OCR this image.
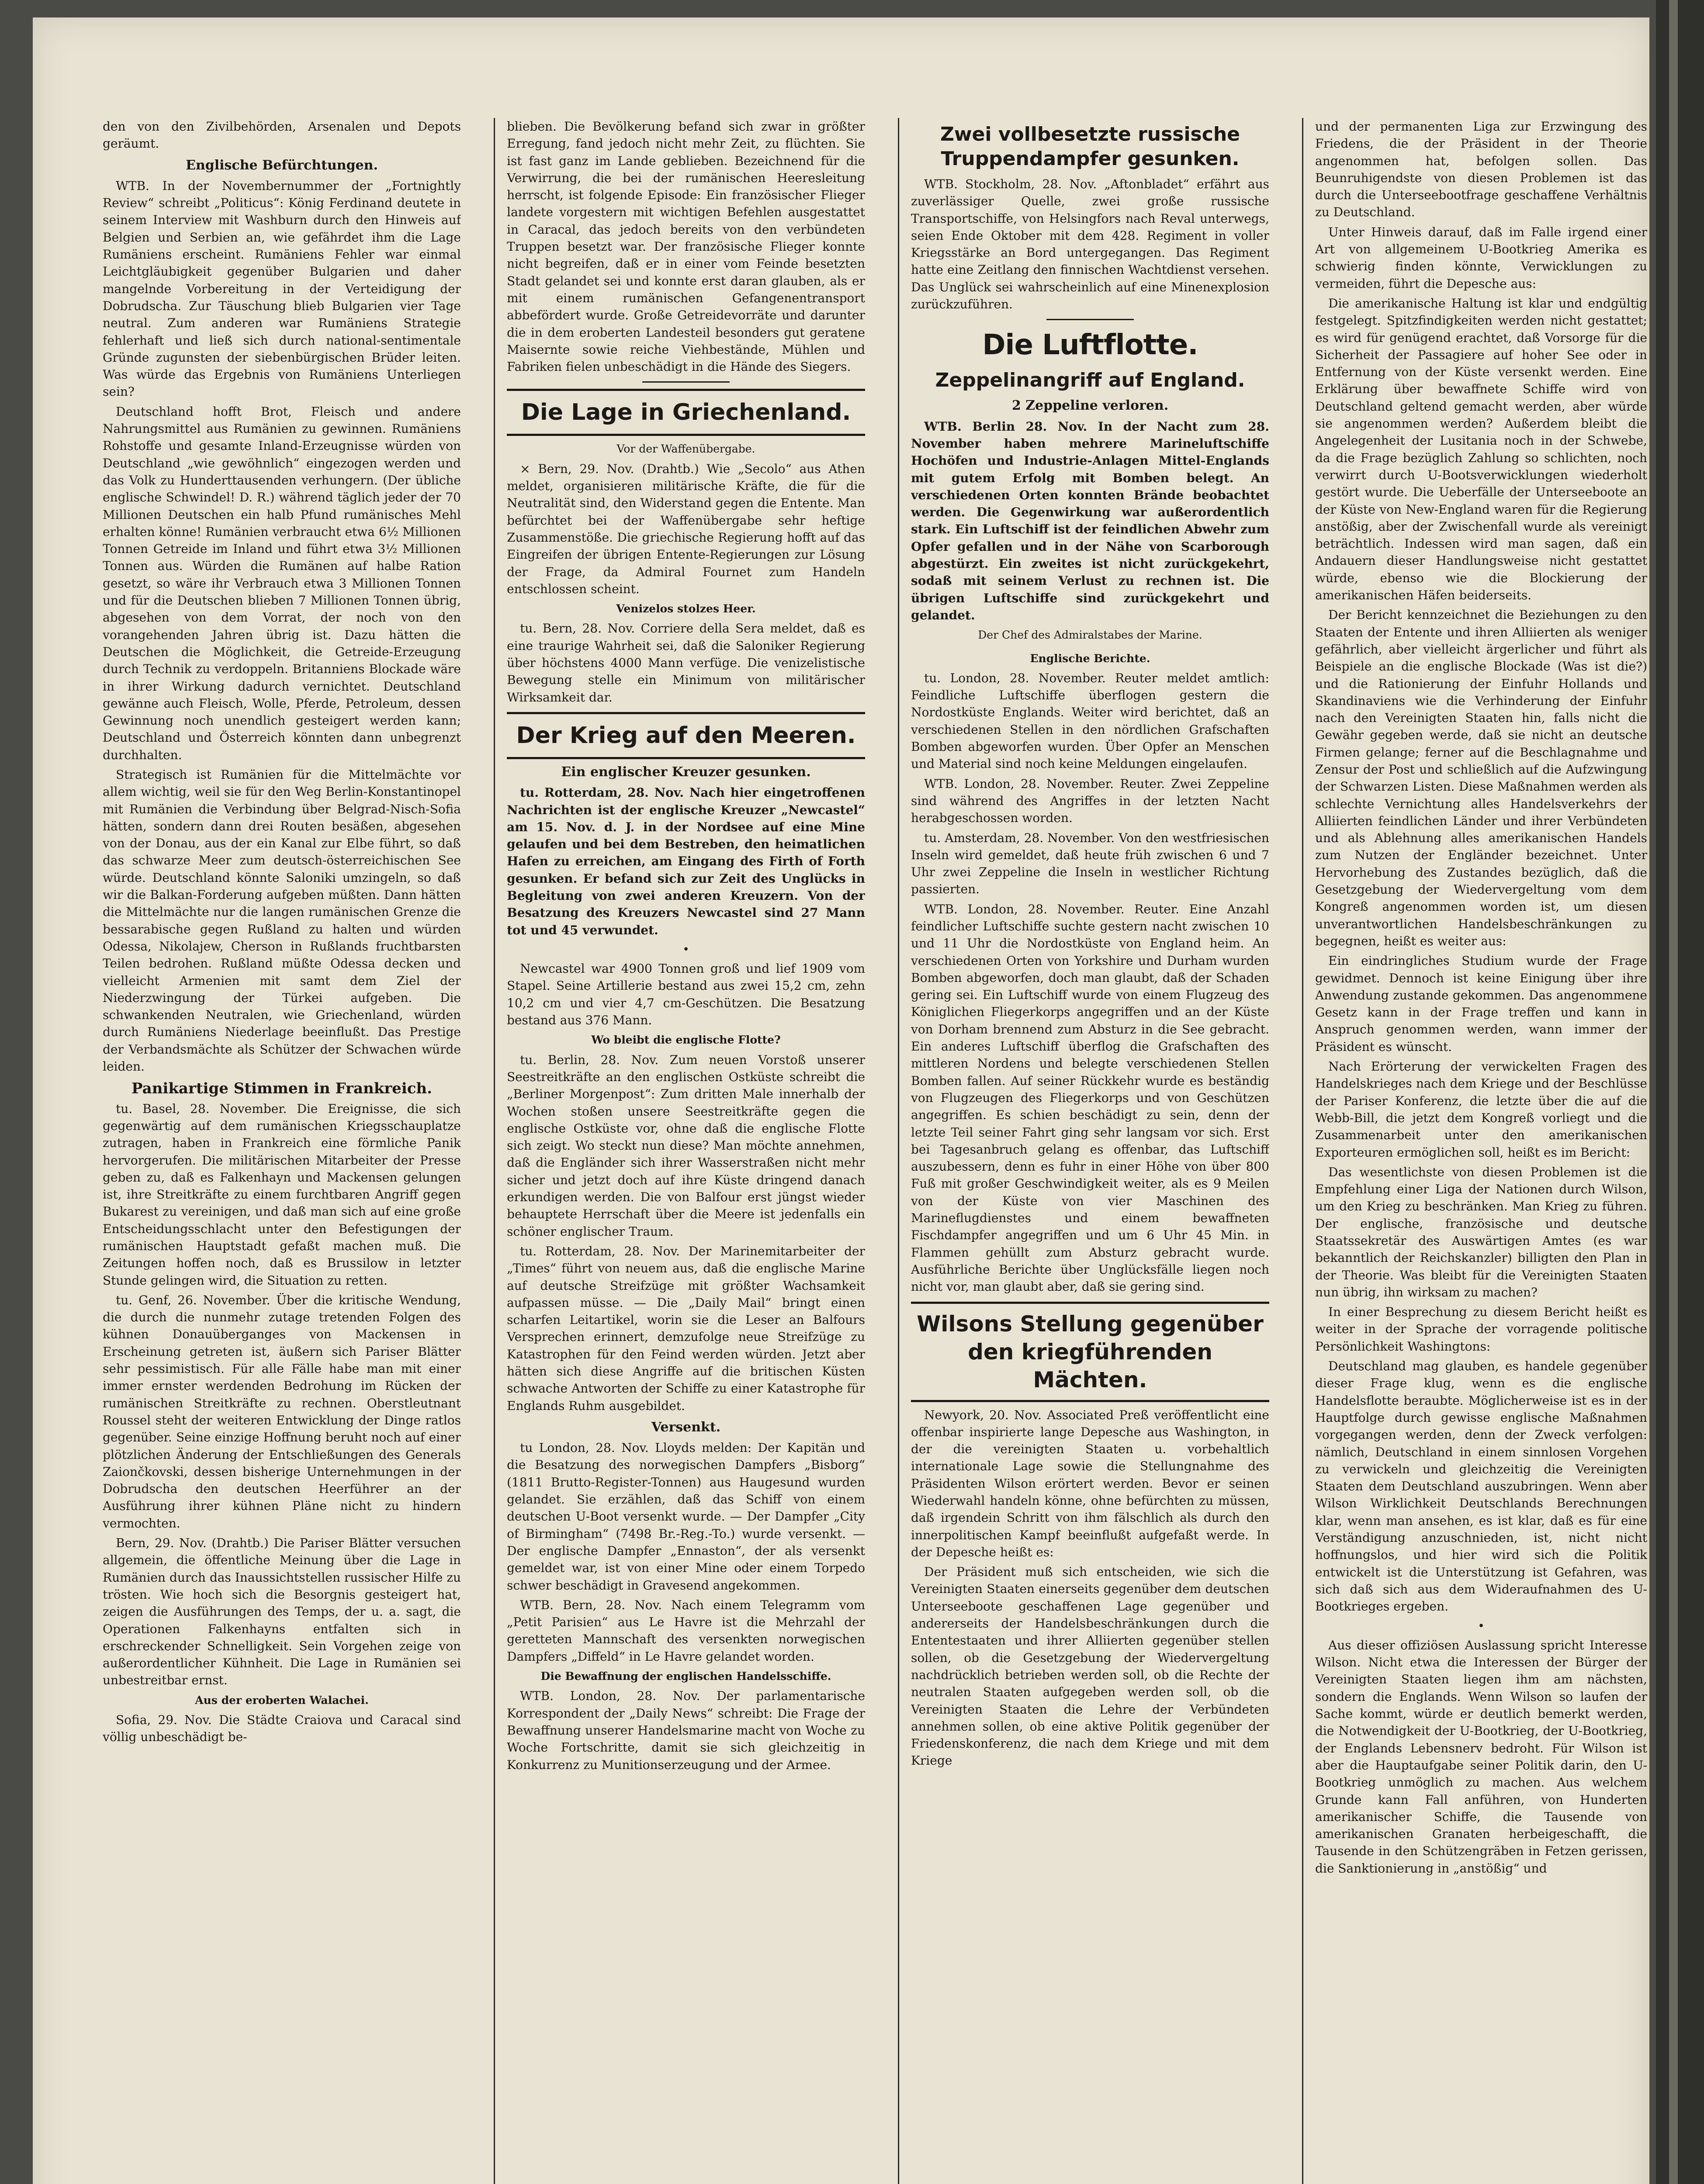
den von den Zivilbehörden, Arsenalen und Depots geräumt.

Englische Befürchtungen.

WTB. In der Novembernummer der „Fortnightly Review“ schreibt „Politicus“: König Ferdinand deutete in seinem Interview mit Washburn durch den Hinweis auf Belgien und Serbien an, wie gefährdet ihm die Lage Rumäniens erscheint. Rumäniens Fehler war einmal Leichtgläubigkeit gegenüber Bulgarien und daher mangelnde Vorbereitung in der Verteidigung der Dobrudscha. Zur Täuschung blieb Bulgarien vier Tage neutral. Zum anderen war Rumäniens Strategie fehlerhaft und ließ sich durch national-sentimentale Gründe zugunsten der siebenbürgischen Brüder leiten. Was würde das Ergebnis von Rumäniens Unterliegen sein?

Deutschland hofft Brot, Fleisch und andere Nahrungsmittel aus Rumänien zu gewinnen. Rumäniens Rohstoffe und gesamte Inland-Erzeugnisse würden von Deutschland „wie gewöhnlich“ eingezogen werden und das Volk zu Hunderttausenden verhungern. (Der übliche englische Schwindel! D. R.) während täglich jeder der 70 Millionen Deutschen ein halb Pfund rumänisches Mehl erhalten könne! Rumänien verbraucht etwa 6½ Millionen Tonnen Getreide im Inland und führt etwa 3½ Millionen Tonnen aus. Würden die Rumänen auf halbe Ration gesetzt, so wäre ihr Verbrauch etwa 3 Millionen Tonnen und für die Deutschen blieben 7 Millionen Tonnen übrig, abgesehen von dem Vorrat, der noch von den vorangehenden Jahren übrig ist. Dazu hätten die Deutschen die Möglichkeit, die Getreide-Erzeugung durch Technik zu verdoppeln. Britanniens Blockade wäre in ihrer Wirkung dadurch vernichtet. Deutschland gewänne auch Fleisch, Wolle, Pferde, Petroleum, dessen Gewinnung noch unendlich gesteigert werden kann; Deutschland und Österreich könnten dann unbegrenzt durchhalten.

Strategisch ist Rumänien für die Mittelmächte vor allem wichtig, weil sie für den Weg Berlin-Konstantinopel mit Rumänien die Verbindung über Belgrad-Nisch-Sofia hätten, sondern dann drei Routen besäßen, abgesehen von der Donau, aus der ein Kanal zur Elbe führt, so daß das schwarze Meer zum deutsch-österreichischen See würde. Deutschland könnte Saloniki umzingeln, so daß wir die Balkan-Forderung aufgeben müßten. Dann hätten die Mittelmächte nur die langen rumänischen Grenze die bessarabische gegen Rußland zu halten und würden Odessa, Nikolajew, Cherson in Rußlands fruchtbarsten Teilen bedrohen. Rußland müßte Odessa decken und vielleicht Armenien mit samt dem Ziel der Niederzwingung der Türkei aufgeben. Die schwankenden Neutralen, wie Griechenland, würden durch Rumäniens Niederlage beeinflußt. Das Prestige der Verbandsmächte als Schützer der Schwachen würde leiden.

Panikartige Stimmen in Frankreich.

tu. Basel, 28. November. Die Ereignisse, die sich gegenwärtig auf dem rumänischen Kriegsschauplatze zutragen, haben in Frankreich eine förmliche Panik hervorgerufen. Die militärischen Mitarbeiter der Presse geben zu, daß es Falkenhayn und Mackensen gelungen ist, ihre Streitkräfte zu einem furchtbaren Angriff gegen Bukarest zu vereinigen, und daß man sich auf eine große Entscheidungsschlacht unter den Befestigungen der rumänischen Hauptstadt gefaßt machen muß. Die Zeitungen hoffen noch, daß es Brussilow in letzter Stunde gelingen wird, die Situation zu retten.

tu. Genf, 26. November. Über die kritische Wendung, die durch die nunmehr zutage tretenden Folgen des kühnen Donauüberganges von Mackensen in Erscheinung getreten ist, äußern sich Pariser Blätter sehr pessimistisch. Für alle Fälle habe man mit einer immer ernster werdenden Bedrohung im Rücken der rumänischen Streitkräfte zu rechnen. Oberstleutnant Roussel steht der weiteren Entwicklung der Dinge ratlos gegenüber. Seine einzige Hoffnung beruht noch auf einer plötzlichen Änderung der Entschließungen des Generals Zaiončkovski, dessen bisherige Unternehmungen in der Dobrudscha den deutschen Heerführer an der Ausführung ihrer kühnen Pläne nicht zu hindern vermochten.

Bern, 29. Nov. (Drahtb.) Die Pariser Blätter versuchen allgemein, die öffentliche Meinung über die Lage in Rumänien durch das Inaussichtstellen russischer Hilfe zu trösten. Wie hoch sich die Besorgnis gesteigert hat, zeigen die Ausführungen des Temps, der u. a. sagt, die Operationen Falkenhayns entfalten sich in erschreckender Schnelligkeit. Sein Vorgehen zeige von außerordentlicher Kühnheit. Die Lage in Rumänien sei unbestreitbar ernst.

Aus der eroberten Walachei.

Sofia, 29. Nov. Die Städte Craiova und Caracal sind völlig unbeschädigt be-

blieben. Die Bevölkerung befand sich zwar in größter Erregung, fand jedoch nicht mehr Zeit, zu flüchten. Sie ist fast ganz im Lande geblieben. Bezeichnend für die Verwirrung, die bei der rumänischen Heeresleitung herrscht, ist folgende Episode: Ein französischer Flieger landete vorgestern mit wichtigen Befehlen ausgestattet in Caracal, das jedoch bereits von den verbündeten Truppen besetzt war. Der französische Flieger konnte nicht begreifen, daß er in einer vom Feinde besetzten Stadt gelandet sei und konnte erst daran glauben, als er mit einem rumänischen Gefangenentransport abbefördert wurde. Große Getreidevorräte und darunter die in dem eroberten Landesteil besonders gut geratene Maisernte sowie reiche Viehbestände, Mühlen und Fabriken fielen unbeschädigt in die Hände des Siegers.

Die Lage in Griechenland.
Vor der Waffenübergabe.

× Bern, 29. Nov. (Drahtb.) Wie „Secolo“ aus Athen meldet, organisieren militärische Kräfte, die für die Neutralität sind, den Widerstand gegen die Entente. Man befürchtet bei der Waffenübergabe sehr heftige Zusammenstöße. Die griechische Regierung hofft auf das Eingreifen der übrigen Entente-Regierungen zur Lösung der Frage, da Admiral Fournet zum Handeln entschlossen scheint.

Venizelos stolzes Heer.

tu. Bern, 28. Nov. Corriere della Sera meldet, daß es eine traurige Wahrheit sei, daß die Saloniker Regierung über höchstens 4000 Mann verfüge. Die venizelistische Bewegung stelle ein Minimum von militärischer Wirksamkeit dar.

Der Krieg auf den Meeren.
Ein englischer Kreuzer gesunken.

tu. Rotterdam, 28. Nov. Nach hier eingetroffenen Nachrichten ist der englische Kreuzer „Newcastel“ am 15. Nov. d. J. in der Nordsee auf eine Mine gelaufen und bei dem Bestreben, den heimatlichen Hafen zu erreichen, am Eingang des Firth of Forth gesunken. Er befand sich zur Zeit des Unglücks in Begleitung von zwei anderen Kreuzern. Von der Besatzung des Kreuzers Newcastel sind 27 Mann tot und 45 verwundet.

•

Newcastel war 4900 Tonnen groß und lief 1909 vom Stapel. Seine Artillerie bestand aus zwei 15,2 cm, zehn 10,2 cm und vier 4,7 cm-Geschützen. Die Besatzung bestand aus 376 Mann.

Wo bleibt die englische Flotte?

tu. Berlin, 28. Nov. Zum neuen Vorstoß unserer Seestreitkräfte an den englischen Ostküste schreibt die „Berliner Morgenpost“: Zum dritten Male innerhalb der Wochen stoßen unsere Seestreitkräfte gegen die englische Ostküste vor, ohne daß die englische Flotte sich zeigt. Wo steckt nun diese? Man möchte annehmen, daß die Engländer sich ihrer Wasserstraßen nicht mehr sicher und jetzt doch auf ihre Küste dringend danach erkundigen werden. Die von Balfour erst jüngst wieder behauptete Herrschaft über die Meere ist jedenfalls ein schöner englischer Traum.

tu. Rotterdam, 28. Nov. Der Marinemitarbeiter der „Times“ führt von neuem aus, daß die englische Marine auf deutsche Streifzüge mit größter Wachsamkeit aufpassen müsse. — Die „Daily Mail“ bringt einen scharfen Leitartikel, worin sie die Leser an Balfours Versprechen erinnert, demzufolge neue Streifzüge zu Katastrophen für den Feind werden würden. Jetzt aber hätten sich diese Angriffe auf die britischen Küsten schwache Antworten der Schiffe zu einer Katastrophe für Englands Ruhm ausgebildet.

Versenkt.

tu London, 28. Nov. Lloyds melden: Der Kapitän und die Besatzung des norwegischen Dampfers „Bisborg“ (1811 Brutto-Register-Tonnen) aus Haugesund wurden gelandet. Sie erzählen, daß das Schiff von einem deutschen U-Boot versenkt wurde. — Der Dampfer „City of Birmingham“ (7498 Br.-Reg.-To.) wurde versenkt. — Der englische Dampfer „Ennaston“, der als versenkt gemeldet war, ist von einer Mine oder einem Torpedo schwer beschädigt in Gravesend angekommen.

WTB. Bern, 28. Nov. Nach einem Telegramm vom „Petit Parisien“ aus Le Havre ist die Mehrzahl der geretteten Mannschaft des versenkten norwegischen Dampfers „Diffeld“ in Le Havre gelandet worden.

Die Bewaffnung der englischen Handelsschiffe.

WTB. London, 28. Nov. Der parlamentarische Korrespondent der „Daily News“ schreibt: Die Frage der Bewaffnung unserer Handelsmarine macht von Woche zu Woche Fortschritte, damit sie sich gleichzeitig in Konkurrenz zu Munitionserzeugung und der Armee.

Zwei vollbesetzte russische Truppendampfer gesunken.

WTB. Stockholm, 28. Nov. „Aftonbladet“ erfährt aus zuverlässiger Quelle, zwei große russische Transportschiffe, von Helsingfors nach Reval unterwegs, seien Ende Oktober mit dem 428. Regiment in voller Kriegsstärke an Bord untergegangen. Das Regiment hatte eine Zeitlang den finnischen Wachtdienst versehen. Das Unglück sei wahrscheinlich auf eine Minenexplosion zurückzuführen.

Die Luftflotte.
Zeppelinangriff auf England.
2 Zeppeline verloren.

WTB. Berlin 28. Nov. In der Nacht zum 28. November haben mehrere Marineluftschiffe Hochöfen und Industrie-Anlagen Mittel-Englands mit gutem Erfolg mit Bomben belegt. An verschiedenen Orten konnten Brände beobachtet werden. Die Gegenwirkung war außerordentlich stark. Ein Luftschiff ist der feindlichen Abwehr zum Opfer gefallen und in der Nähe von Scarborough abgestürzt. Ein zweites ist nicht zurückgekehrt, sodaß mit seinem Verlust zu rechnen ist. Die übrigen Luftschiffe sind zurückgekehrt und gelandet.

Der Chef des Admiralstabes der Marine.
Englische Berichte.

tu. London, 28. November. Reuter meldet amtlich: Feindliche Luftschiffe überflogen gestern die Nordostküste Englands. Weiter wird berichtet, daß an verschiedenen Stellen in den nördlichen Grafschaften Bomben abgeworfen wurden. Über Opfer an Menschen und Material sind noch keine Meldungen eingelaufen.

WTB. London, 28. November. Reuter. Zwei Zeppeline sind während des Angriffes in der letzten Nacht herabgeschossen worden.

tu. Amsterdam, 28. November. Von den westfriesischen Inseln wird gemeldet, daß heute früh zwischen 6 und 7 Uhr zwei Zeppeline die Inseln in westlicher Richtung passierten.

WTB. London, 28. November. Reuter. Eine Anzahl feindlicher Luftschiffe suchte gestern nacht zwischen 10 und 11 Uhr die Nordostküste von England heim. An verschiedenen Orten von Yorkshire und Durham wurden Bomben abgeworfen, doch man glaubt, daß der Schaden gering sei. Ein Luftschiff wurde von einem Flugzeug des Königlichen Fliegerkorps angegriffen und an der Küste von Dorham brennend zum Absturz in die See gebracht. Ein anderes Luftschiff überflog die Grafschaften des mittleren Nordens und belegte verschiedenen Stellen Bomben fallen. Auf seiner Rückkehr wurde es beständig von Flugzeugen des Fliegerkorps und von Geschützen angegriffen. Es schien beschädigt zu sein, denn der letzte Teil seiner Fahrt ging sehr langsam vor sich. Erst bei Tagesanbruch gelang es offenbar, das Luftschiff auszubessern, denn es fuhr in einer Höhe von über 800 Fuß mit großer Geschwindigkeit weiter, als es 9 Meilen von der Küste von vier Maschinen des Marineflugdienstes und einem bewaffneten Fischdampfer angegriffen und um 6 Uhr 45 Min. in Flammen gehüllt zum Absturz gebracht wurde. Ausführliche Berichte über Unglücksfälle liegen noch nicht vor, man glaubt aber, daß sie gering sind.

Wilsons Stellung gegenüber den kriegführenden Mächten.

Newyork, 20. Nov. Associated Preß veröffentlicht eine offenbar inspirierte lange Depesche aus Washington, in der die vereinigten Staaten u. vorbehaltlich internationale Lage sowie die Stellungnahme des Präsidenten Wilson erörtert werden. Bevor er seinen Wiederwahl handeln könne, ohne befürchten zu müssen, daß irgendein Schritt von ihm fälschlich als durch den innerpolitischen Kampf beeinflußt aufgefaßt werde. In der Depesche heißt es:

Der Präsident muß sich entscheiden, wie sich die Vereinigten Staaten einerseits gegenüber dem deutschen Unterseeboote geschaffenen Lage gegenüber und andererseits der Handelsbeschränkungen durch die Ententestaaten und ihrer Alliierten gegenüber stellen sollen, ob die Gesetzgebung der Wiedervergeltung nachdrücklich betrieben werden soll, ob die Rechte der neutralen Staaten aufgegeben werden soll, ob die Vereinigten Staaten die Lehre der Verbündeten annehmen sollen, ob eine aktive Politik gegenüber der Friedenskonferenz, die nach dem Kriege und mit dem Kriege

und der permanenten Liga zur Erzwingung des Friedens, die der Präsident in der Theorie angenommen hat, befolgen sollen. Das Beunruhigendste von diesen Problemen ist das durch die Unterseebootfrage geschaffene Verhältnis zu Deutschland.

Unter Hinweis darauf, daß im Falle irgend einer Art von allgemeinem U-Bootkrieg Amerika es schwierig finden könnte, Verwicklungen zu vermeiden, führt die Depesche aus:

Die amerikanische Haltung ist klar und endgültig festgelegt. Spitzfindigkeiten werden nicht gestattet; es wird für genügend erachtet, daß Vorsorge für die Sicherheit der Passagiere auf hoher See oder in Entfernung von der Küste versenkt werden. Eine Erklärung über bewaffnete Schiffe wird von Deutschland geltend gemacht werden, aber würde sie angenommen werden? Außerdem bleibt die Angelegenheit der Lusitania noch in der Schwebe, da die Frage bezüglich Zahlung so schlichten, noch verwirrt durch U-Bootsverwicklungen wiederholt gestört wurde. Die Ueberfälle der Unterseeboote an der Küste von New-England waren für die Regierung anstößig, aber der Zwischenfall wurde als vereinigt beträchtlich. Indessen wird man sagen, daß ein Andauern dieser Handlungsweise nicht gestattet würde, ebenso wie die Blockierung der amerikanischen Häfen beiderseits.

Der Bericht kennzeichnet die Beziehungen zu den Staaten der Entente und ihren Alliierten als weniger gefährlich, aber vielleicht ärgerlicher und führt als Beispiele an die englische Blockade (Was ist die?) und die Rationierung der Einfuhr Hollands und Skandinaviens wie die Verhinderung der Einfuhr nach den Vereinigten Staaten hin, falls nicht die Gewähr gegeben werde, daß sie nicht an deutsche Firmen gelange; ferner auf die Beschlagnahme und Zensur der Post und schließlich auf die Aufzwingung der Schwarzen Listen. Diese Maßnahmen werden als schlechte Vernichtung alles Handelsverkehrs der Alliierten feindlichen Länder und ihrer Verbündeten und als Ablehnung alles amerikanischen Handels zum Nutzen der Engländer bezeichnet. Unter Hervorhebung des Zustandes bezüglich, daß die Gesetzgebung der Wiedervergeltung vom dem Kongreß angenommen worden ist, um diesen unverantwortlichen Handelsbeschränkungen zu begegnen, heißt es weiter aus:

Ein eindringliches Studium wurde der Frage gewidmet. Dennoch ist keine Einigung über ihre Anwendung zustande gekommen. Das angenommene Gesetz kann in der Frage treffen und kann in Anspruch genommen werden, wann immer der Präsident es wünscht.

Nach Erörterung der verwickelten Fragen des Handelskrieges nach dem Kriege und der Beschlüsse der Pariser Konferenz, die letzte über die auf die Webb-Bill, die jetzt dem Kongreß vorliegt und die Zusammenarbeit unter den amerikanischen Exporteuren ermöglichen soll, heißt es im Bericht:

Das wesentlichste von diesen Problemen ist die Empfehlung einer Liga der Nationen durch Wilson, um den Krieg zu beschränken. Man Krieg zu führen. Der englische, französische und deutsche Staatssekretär des Auswärtigen Amtes (es war bekanntlich der Reichskanzler) billigten den Plan in der Theorie. Was bleibt für die Vereinigten Staaten nun übrig, ihn wirksam zu machen?

In einer Besprechung zu diesem Bericht heißt es weiter in der Sprache der vorragende politische Persönlichkeit Washingtons:

Deutschland mag glauben, es handele gegenüber dieser Frage klug, wenn es die englische Handelsflotte beraubte. Möglicherweise ist es in der Hauptfolge durch gewisse englische Maßnahmen vorgegangen werden, denn der Zweck verfolgen: nämlich, Deutschland in einem sinnlosen Vorgehen zu verwickeln und gleichzeitig die Vereinigten Staaten dem Deutschland auszubringen. Wenn aber Wilson Wirklichkeit Deutschlands Berechnungen klar, wenn man ansehen, es ist klar, daß es für eine Verständigung anzuschnieden, ist, nicht nicht hoffnungslos, und hier wird sich die Politik entwickelt ist die Unterstützung ist Gefahren, was sich daß sich aus dem Wideraufnahmen des U-Bootkrieges ergeben.

•

Aus dieser offiziösen Auslassung spricht Interesse Wilson. Nicht etwa die Interessen der Bürger der Vereinigten Staaten liegen ihm am nächsten, sondern die Englands. Wenn Wilson so laufen der Sache kommt, würde er deutlich bemerkt werden, die Notwendigkeit der U-Bootkrieg, der U-Bootkrieg, der Englands Lebensnerv bedroht. Für Wilson ist aber die Hauptaufgabe seiner Politik darin, den U-Bootkrieg unmöglich zu machen. Aus welchem Grunde kann Fall anführen, von Hunderten amerikanischer Schiffe, die Tausende von amerikanischen Granaten herbeigeschafft, die Tausende in den Schützengräben in Fetzen gerissen, die Sanktionierung in „anstößig“ und
